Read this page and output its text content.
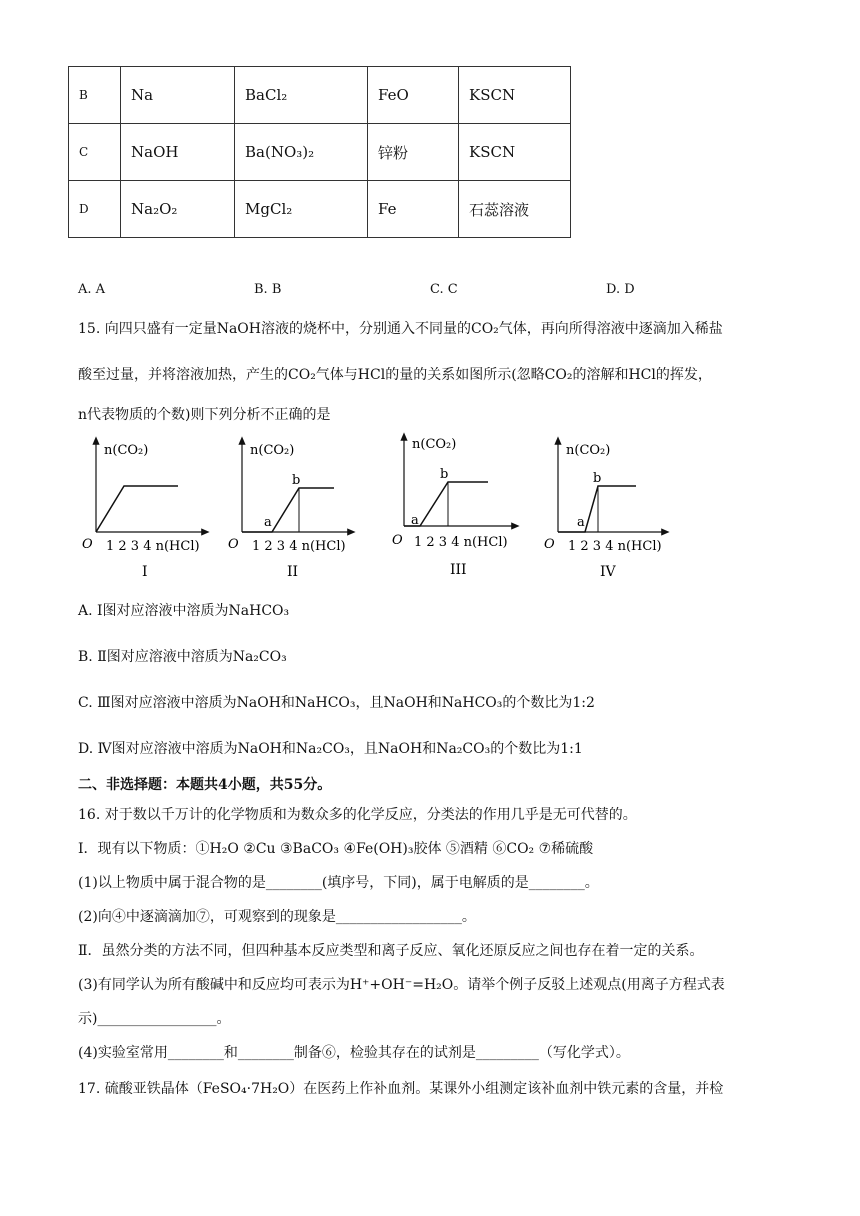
B	Na	BaCl₂	FeO	KSCN
C	NaOH	Ba(NO₃)₂	锌粉	KSCN
D	Na₂O₂	MgCl₂	Fe	石蕊溶液
A. A	B. B	C. C	D. D
15. 向四只盛有一定量NaOH溶液的烧杯中，分别通入不同量的CO₂气体，再向所得溶液中逐滴加入稀盐
酸至过量，并将溶液加热，产生的CO₂气体与HCl的量的关系如图所示(忽略CO₂的溶解和HCl的挥发，
n代表物质的个数)则下列分析不正确的是
n(CO₂)
O 1 2 3 4 n(HCl)
I
n(CO₂)
a
b
O 1 2 3 4 n(HCl)
II
n(CO₂)
a
b
O 1 2 3 4 n(HCl)
III
n(CO₂)
a
b
O 1 2 3 4 n(HCl)
IV
A. Ⅰ图对应溶液中溶质为NaHCO₃
B. Ⅱ图对应溶液中溶质为Na₂CO₃
C. Ⅲ图对应溶液中溶质为NaOH和NaHCO₃，且NaOH和NaHCO₃的个数比为1:2
D. Ⅳ图对应溶液中溶质为NaOH和Na₂CO₃，且NaOH和Na₂CO₃的个数比为1:1
二、非选择题：本题共4小题，共55分。
16. 对于数以千万计的化学物质和为数众多的化学反应，分类法的作用几乎是无可代替的。
Ⅰ．现有以下物质：①H₂O ②Cu ③BaCO₃ ④Fe(OH)₃胶体 ⑤酒精 ⑥CO₂ ⑦稀硫酸
(1)以上物质中属于混合物的是________(填序号，下同)，属于电解质的是________。
(2)向④中逐滴滴加⑦，可观察到的现象是__________________。
Ⅱ．虽然分类的方法不同，但四种基本反应类型和离子反应、氧化还原反应之间也存在着一定的关系。
(3)有同学认为所有酸碱中和反应均可表示为H⁺+OH⁻=H₂O。请举个例子反驳上述观点(用离子方程式表
示)_________________。
(4)实验室常用________和________制备⑥，检验其存在的试剂是_________（写化学式）。
17. 硫酸亚铁晶体（FeSO₄·7H₂O）在医药上作补血剂。某课外小组测定该补血剂中铁元素的含量，并检
